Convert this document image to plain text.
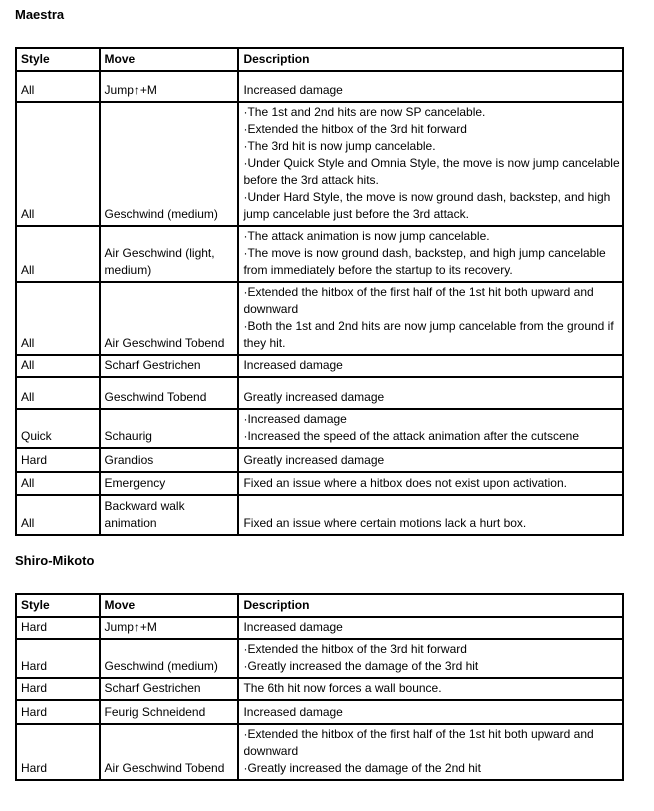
Maestra
Style	Move	Description
All	Jump↑+M	Increased damage

All	Geschwind (medium)	·The 1st and 2nd hits are now SP cancelable.
·Extended the hitbox of the 3rd hit forward
·The 3rd hit is now jump cancelable.
·Under Quick Style and Omnia Style, the move is now jump cancelable before the 3rd attack hits.
·Under Hard Style, the move is now ground dash, backstep, and high jump cancelable just before the 3rd attack.

All	Air Geschwind (light, medium)	·The attack animation is now jump cancelable.
·The move is now ground dash, backstep, and high jump cancelable from immediately before the startup to its recovery.

All	Air Geschwind Tobend	·Extended the hitbox of the first half of the 1st hit both upward and downward
·Both the 1st and 2nd hits are now jump cancelable from the ground if they hit.

All	Scharf Gestrichen	Increased damage

All	Geschwind Tobend	Greatly increased damage

Quick	Schaurig	·Increased damage
·Increased the speed of the attack animation after the cutscene

Hard	Grandios	Greatly increased damage

All	Emergency	Fixed an issue where a hitbox does not exist upon activation.

All	Backward walk animation	Fixed an issue where certain motions lack a hurt box.
Shiro-Mikoto
Style	Move	Description
Hard	Jump↑+M	Increased damage

Hard	Geschwind (medium)	·Extended the hitbox of the 3rd hit forward
·Greatly increased the damage of the 3rd hit

Hard	Scharf Gestrichen	The 6th hit now forces a wall bounce.

Hard	Feurig Schneidend	Increased damage

Hard	Air Geschwind Tobend	·Extended the hitbox of the first half of the 1st hit both upward and downward
·Greatly increased the damage of the 2nd hit
